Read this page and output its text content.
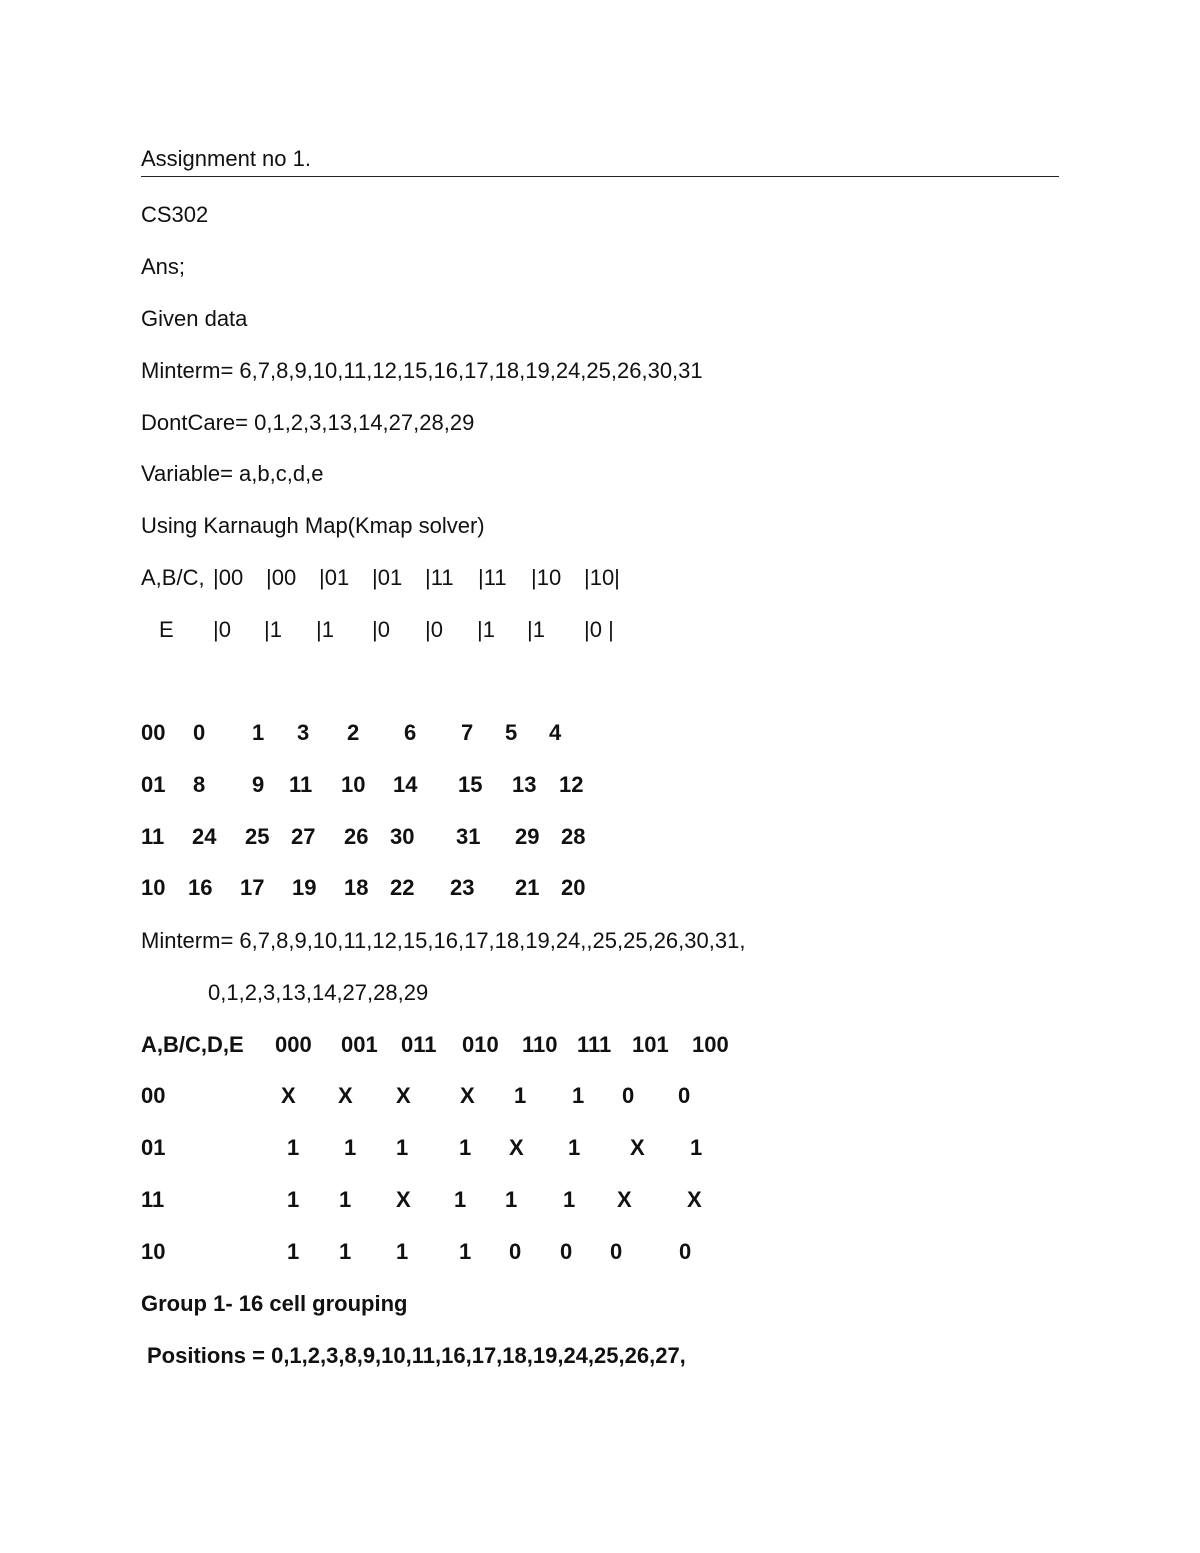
Assignment no 1.
CS302
Ans;
Given data
Minterm= 6,7,8,9,10,11,12,15,16,17,18,19,24,25,26,30,31
DontCare= 0,1,2,3,13,14,27,28,29
Variable= a,b,c,d,e
Using Karnaugh Map(Kmap solver)
A,B/C, |00 |00 |01 |01 |11 |11 |10 |10|
E |0 |1 |1 |0 |0 |1 |1 |0 |
00 0 1 3 2 6 7 5 4
01 8 9 11 10 14 15 13 12
11 24 25 27 26 30 31 29 28
10 16 17 19 18 22 23 21 20
Minterm= 6,7,8,9,10,11,12,15,16,17,18,19,24,,25,25,26,30,31,
0,1,2,3,13,14,27,28,29
A,B/C,D,E 000 001 011 010 110 111 101 100
00	X X X X 1 1 0 0
01	1 1 1 1 X 1 X 1
11	1 1 X 1 1 1 X	X
10	1 1 1 1 0 0 0	0
Group 1- 16 cell grouping
Positions = 0,1,2,3,8,9,10,11,16,17,18,19,24,25,26,27,
